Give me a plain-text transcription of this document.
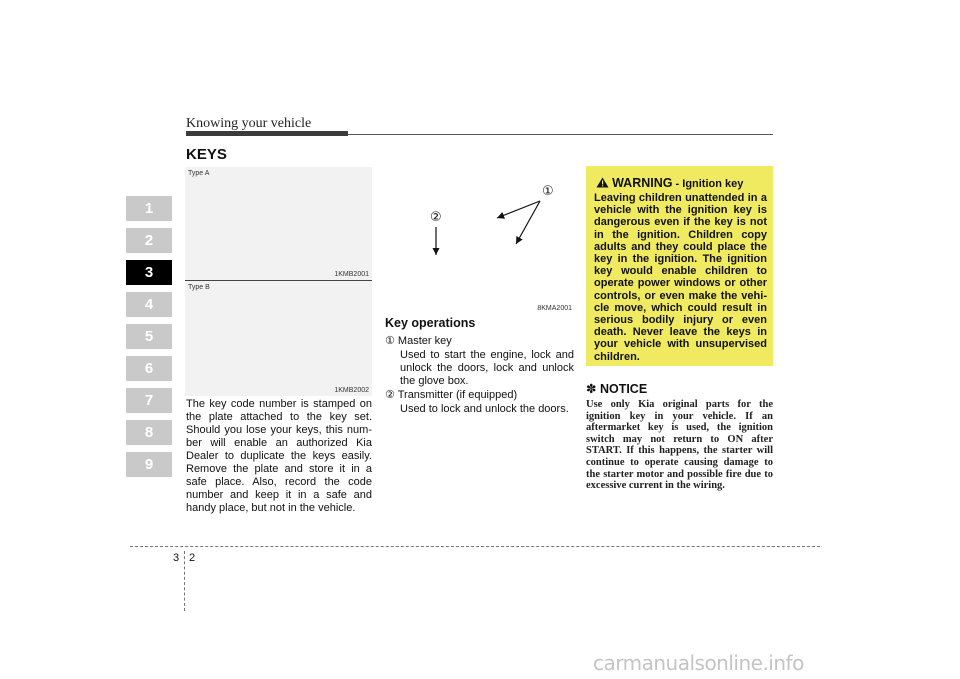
Knowing your vehicle
1
2
3
4
5
6
7
8
9
KEYS
Type A
1KMB2001
Type B
1KMB2002
The key code number is stamped on the plate attached to the key set. Should you lose your keys, this num-ber will enable an authorized Kia Dealer to duplicate the keys easily. Remove the plate and store it in a safe place. Also, record the code number and keep it in a safe and handy place, but not in the vehicle.
①
②
8KMA2001
Key operations
① Master key
Used to start the engine, lock and unlock the doors, lock and unlock the glove box.
② Transmitter (if equipped)
Used to lock and unlock the doors.
WARNING - Ignition key
Leaving children unattended in a vehicle with the ignition key is dangerous even if the key is not in the ignition. Children copy adults and they could place the key in the ignition. The ignition key would enable children to operate power windows or other controls, or even make the vehi-cle move, which could result in serious bodily injury or even death. Never leave the keys in your vehicle with unsupervised children.
✽ NOTICE
Use only Kia original parts for the ignition key in your vehicle. If an aftermarket key is used, the ignition switch may not return to ON after START. If this happens, the starter will continue to operate causing damage to the starter motor and possible fire due to excessive current in the wiring.
3 2
carmanualsonline.info
